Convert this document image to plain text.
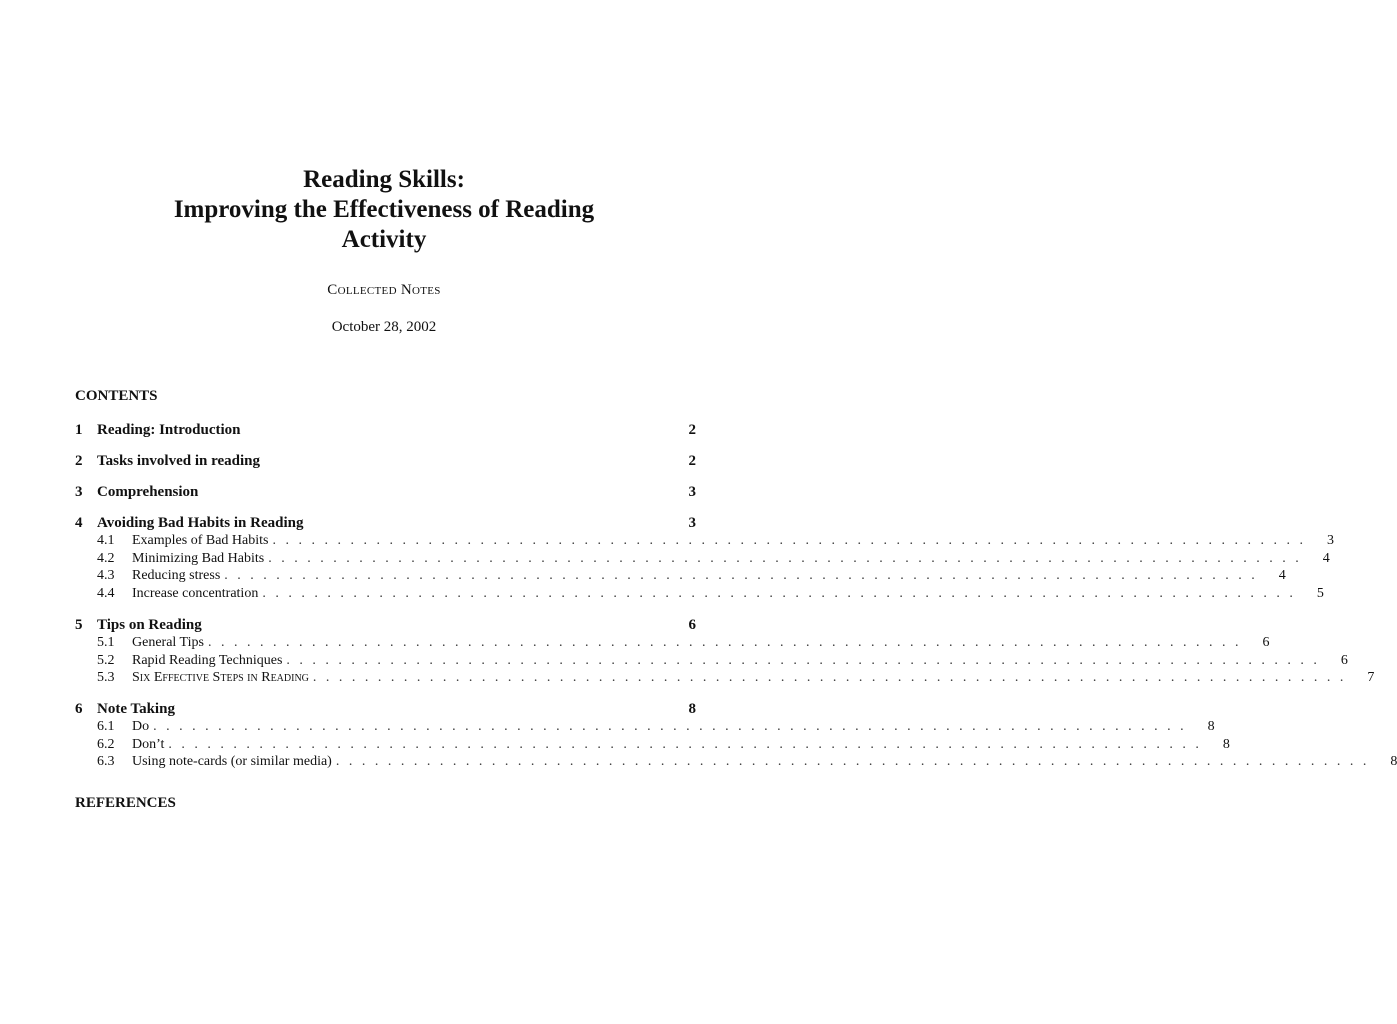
Reading Skills:
Improving the Effectiveness of Reading
Activity
Collected Notes
October 28, 2002
CONTENTS
1 Reading: Introduction	2
2 Tasks involved in reading	2
3 Comprehension	3
4 Avoiding Bad Habits in Reading	3
4.1	Examples of Bad Habits . . . . . . . . . . . . . . . . . . . . . . . . . . . . . . . . . . . . . . . . . . . . . . . . . . . . . . . . . . . . . . . . . . . . . . . . . . . . . . . .	3
4.2	Minimizing Bad Habits . . . . . . . . . . . . . . . . . . . . . . . . . . . . . . . . . . . . . . . . . . . . . . . . . . . . . . . . . . . . . . . . . . . . . . . . . . . . . . . .	4
4.3	Reducing stress . . . . . . . . . . . . . . . . . . . . . . . . . . . . . . . . . . . . . . . . . . . . . . . . . . . . . . . . . . . . . . . . . . . . . . . . . . . . . . . .	4
4.4	Increase concentration . . . . . . . . . . . . . . . . . . . . . . . . . . . . . . . . . . . . . . . . . . . . . . . . . . . . . . . . . . . . . . . . . . . . . . . . . . . . . . . .	5
5 Tips on Reading	6
5.1	General Tips . . . . . . . . . . . . . . . . . . . . . . . . . . . . . . . . . . . . . . . . . . . . . . . . . . . . . . . . . . . . . . . . . . . . . . . . . . . . . . . .	6
5.2	Rapid Reading Techniques . . . . . . . . . . . . . . . . . . . . . . . . . . . . . . . . . . . . . . . . . . . . . . . . . . . . . . . . . . . . . . . . . . . . . . . . . . . . . . . .	6
5.3	Six Effective Steps in Reading . . . . . . . . . . . . . . . . . . . . . . . . . . . . . . . . . . . . . . . . . . . . . . . . . . . . . . . . . . . . . . . . . . . . . . . . . . . . . . . .	7
6 Note Taking	8
6.1	Do . . . . . . . . . . . . . . . . . . . . . . . . . . . . . . . . . . . . . . . . . . . . . . . . . . . . . . . . . . . . . . . . . . . . . . . . . . . . . . . .	8
6.2	Don’t . . . . . . . . . . . . . . . . . . . . . . . . . . . . . . . . . . . . . . . . . . . . . . . . . . . . . . . . . . . . . . . . . . . . . . . . . . . . . . . .	8
6.3	Using note-cards (or similar media) . . . . . . . . . . . . . . . . . . . . . . . . . . . . . . . . . . . . . . . . . . . . . . . . . . . . . . . . . . . . . . . . . . . . . . . . . . . . . . . .	8
REFERENCES
